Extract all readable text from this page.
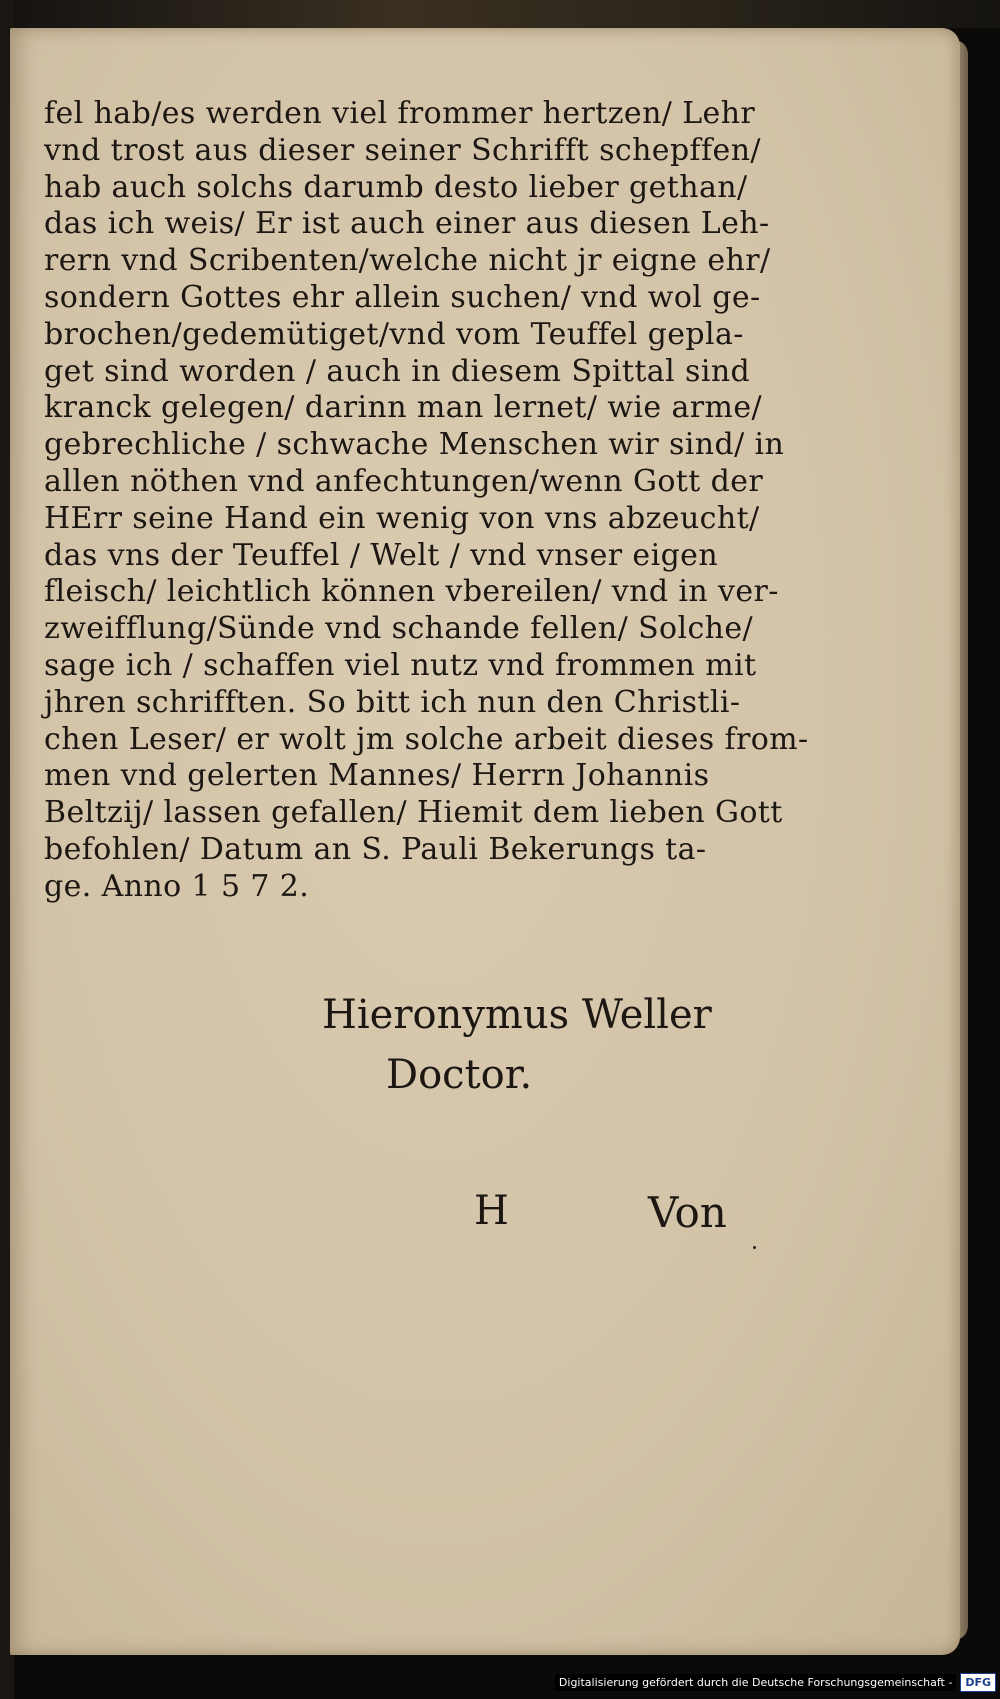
fel hab/es werden viel frommer hertzen/ Lehr
vnd trost aus dieser seiner Schrifft schepffen/
hab auch solchs darumb desto lieber gethan/
das ich weis/ Er ist auch einer aus diesen Leh-
rern vnd Scribenten/welche nicht jr eigne ehr/
sondern Gottes ehr allein suchen/ vnd wol ge-
brochen/gedemütiget/vnd vom Teuffel gepla-
get sind worden / auch in diesem Spittal sind
kranck gelegen/ darinn man lernet/ wie arme/
gebrechliche / schwache Menschen wir sind/ in
allen nöthen vnd anfechtungen/wenn Gott der
HErr seine Hand ein wenig von vns abzeucht/
das vns der Teuffel / Welt / vnd vnser eigen
fleisch/ leichtlich können vbereilen/ vnd in ver-
zweifflung/Sünde vnd schande fellen/ Solche/
sage ich / schaffen viel nutz vnd frommen mit
jhren schrifften. So bitt ich nun den Christli-
chen Leser/ er wolt jm solche arbeit dieses from-
men vnd gelerten Mannes/ Herrn Johannis
Beltzij/ lassen gefallen/ Hiemit dem lieben Gott
befohlen/ Datum an S. Pauli Bekerungs ta-
ge. Anno 1 5 7 2.
Hieronymus Weller
Doctor.
H	Von
Digitalisierung gefördert durch die Deutsche Forschungsgemeinschaft -	DFG
